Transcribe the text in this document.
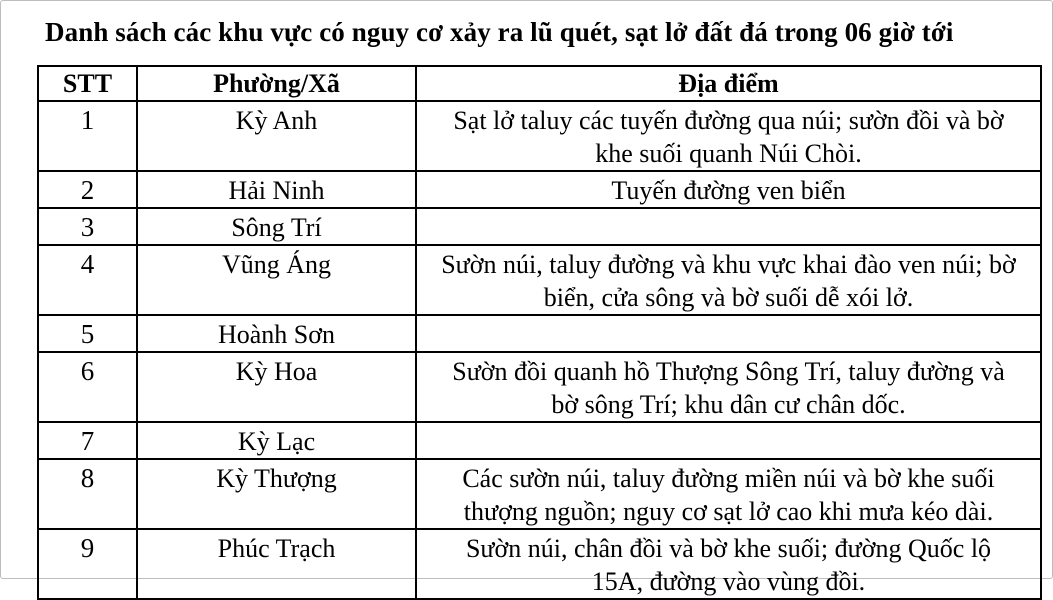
Danh sách các khu vực có nguy cơ xảy ra lũ quét, sạt lở đất đá trong 06 giờ tới
STT	Phường/Xã	Địa điểm

1	Kỳ Anh	Sạt lở taluy các tuyến đường qua núi; sườn đồi và bờ
khe suối quanh Núi Chòi.

2	Hải Ninh	Tuyến đường ven biển

3	Sông Trí	

4	Vũng Áng	Sườn núi, taluy đường và khu vực khai đào ven núi; bờ
biển, cửa sông và bờ suối dễ xói lở.

5	Hoành Sơn	

6	Kỳ Hoa	Sườn đồi quanh hồ Thượng Sông Trí, taluy đường và
bờ sông Trí; khu dân cư chân dốc.

7	Kỳ Lạc	

8	Kỳ Thượng	Các sườn núi, taluy đường miền núi và bờ khe suối
thượng nguồn; nguy cơ sạt lở cao khi mưa kéo dài.

9	Phúc Trạch	Sườn núi, chân đồi và bờ khe suối; đường Quốc lộ
15A, đường vào vùng đồi.
